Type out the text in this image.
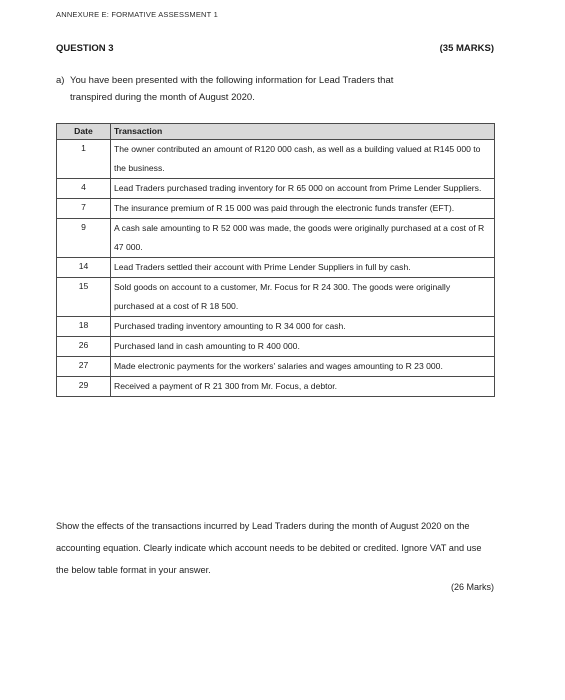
ANNEXURE E: FORMATIVE ASSESSMENT 1
QUESTION 3	(35 MARKS)
a) You have been presented with the following information for Lead Traders that
transpired during the month of August 2020.
Date	Transaction
1	The owner contributed an amount of R120 000 cash, as well as a building valued at R145 000 to the business.
4	Lead Traders purchased trading inventory for R 65 000 on account from Prime Lender Suppliers.
7	The insurance premium of R 15 000 was paid through the electronic funds transfer (EFT).
9	A cash sale amounting to R 52 000 was made, the goods were originally purchased at a cost of R 47 000.
14	Lead Traders settled their account with Prime Lender Suppliers in full by cash.
15	Sold goods on account to a customer, Mr. Focus for R 24 300. The goods were originally purchased at a cost of R 18 500.
18	Purchased trading inventory amounting to R 34 000 for cash.
26	Purchased land in cash amounting to R 400 000.
27	Made electronic payments for the workers' salaries and wages amounting to R 23 000.
29	Received a payment of R 21 300 from Mr. Focus, a debtor.
Show the effects of the transactions incurred by Lead Traders during the month of August 2020 on the accounting equation. Clearly indicate which account needs to be debited or credited. Ignore VAT and use the below table format in your answer.
(26 Marks)
